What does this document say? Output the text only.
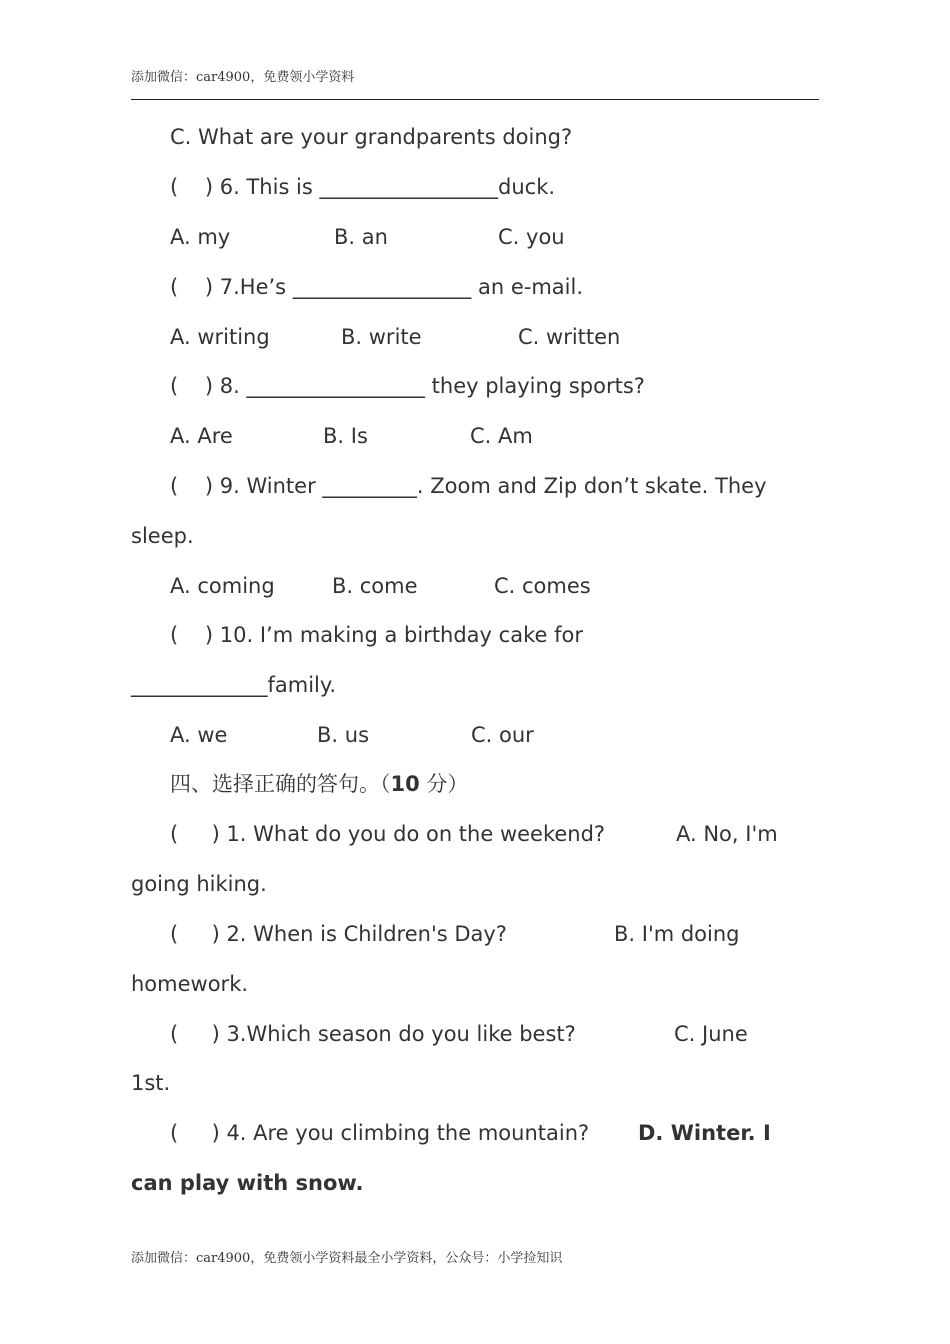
添加微信：car4900，免费领小学资料
C. What are your grandparents doing?
(    ) 6. This is _________________duck.
A. my	B. an	C. you
(    ) 7.He’s _________________ an e-mail.
A. writing	B. write	C. written
(    ) 8. _________________ they playing sports?
A. Are	B. Is	C. Am
(    ) 9. Winter _________. Zoom and Zip don’t skate. They
sleep.
A. coming	B. come	C. comes
(    ) 10. I’m making a birthday cake for
_____________family.
A. we	B. us	C. our
四、选择正确的答句。（10 分）
(     ) 1. What do you do on the weekend?	A. No, I'm
going hiking.
(     ) 2. When is Children's Day?	B. I'm doing
homework.
(     ) 3.Which season do you like best?	C. June
1st.
(     ) 4. Are you climbing the mountain? D. Winter. I
can play with snow.
添加微信：car4900，免费领小学资料最全小学资料，公众号：小学捡知识
